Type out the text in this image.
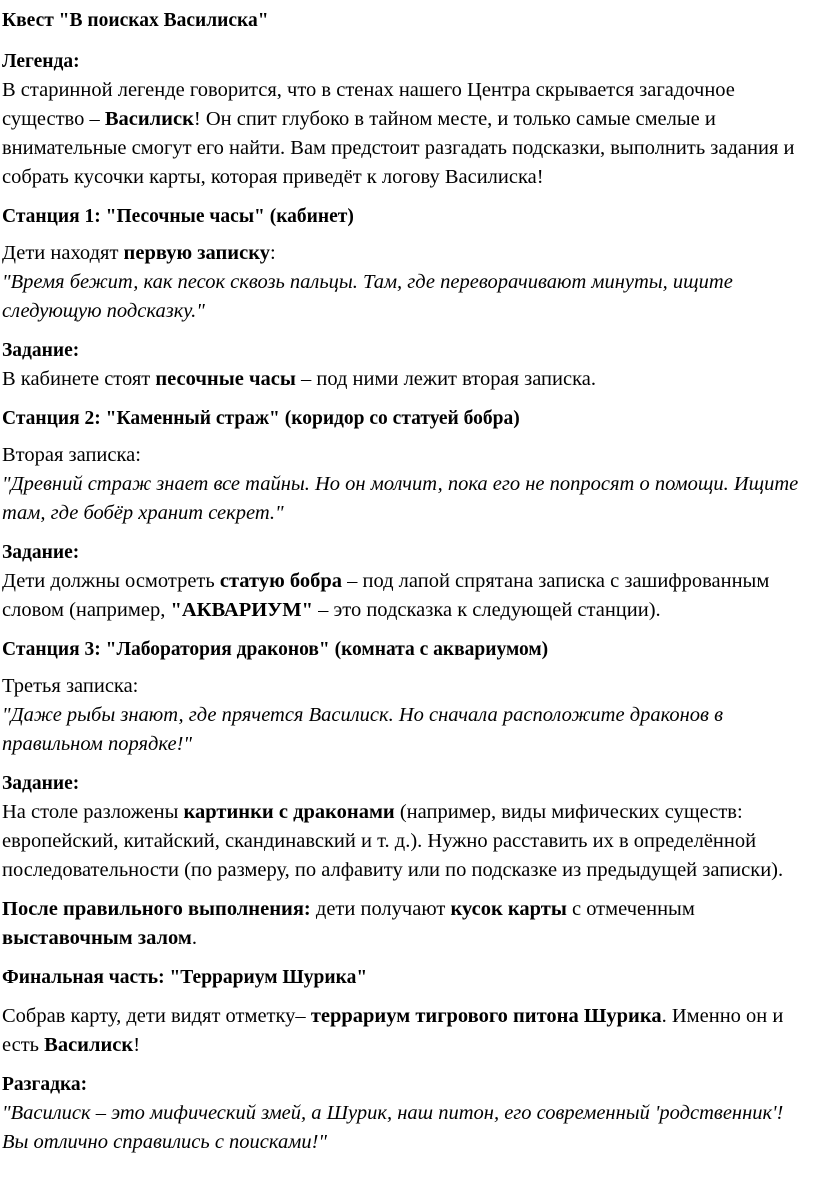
Квест "В поисках Василиска"

Легенда:

В старинной легенде говорится, что в стенах нашего Центра скрывается загадочное существо – Василиск! Он спит глубоко в тайном месте, и только самые смелые и внимательные смогут его найти. Вам предстоит разгадать подсказки, выполнить задания и собрать кусочки карты, которая приведёт к логову Василиска!

Станция 1: "Песочные часы" (кабинет)

Дети находят первую записку:

"Время бежит, как песок сквозь пальцы. Там, где переворачивают минуты, ищите следующую подсказку."

Задание:

В кабинете стоят песочные часы – под ними лежит вторая записка.

Станция 2: "Каменный страж" (коридор со статуей бобра)

Вторая записка:

"Древний страж знает все тайны. Но он молчит, пока его не попросят о помощи. Ищите там, где бобёр хранит секрет."

Задание:

Дети должны осмотреть статую бобра – под лапой спрятана записка с зашифрованным словом (например, "АКВАРИУМ" – это подсказка к следующей станции).

Станция 3: "Лаборатория драконов" (комната с аквариумом)

Третья записка:

"Даже рыбы знают, где прячется Василиск. Но сначала расположите драконов в правильном порядке!"

Задание:

На столе разложены картинки с драконами (например, виды мифических существ: европейский, китайский, скандинавский и т. д.). Нужно расставить их в определённой последовательности (по размеру, по алфавиту или по подсказке из предыдущей записки).

После правильного выполнения: дети получают кусок карты с отмеченным выставочным залом.

Финальная часть: "Террариум Шурика"

Собрав карту, дети видят отметку– террариум тигрового питона Шурика. Именно он и есть Василиск!

Разгадка:

"Василиск – это мифический змей, а Шурик, наш питон, его современный 'родственник'! Вы отлично справились с поисками!"
